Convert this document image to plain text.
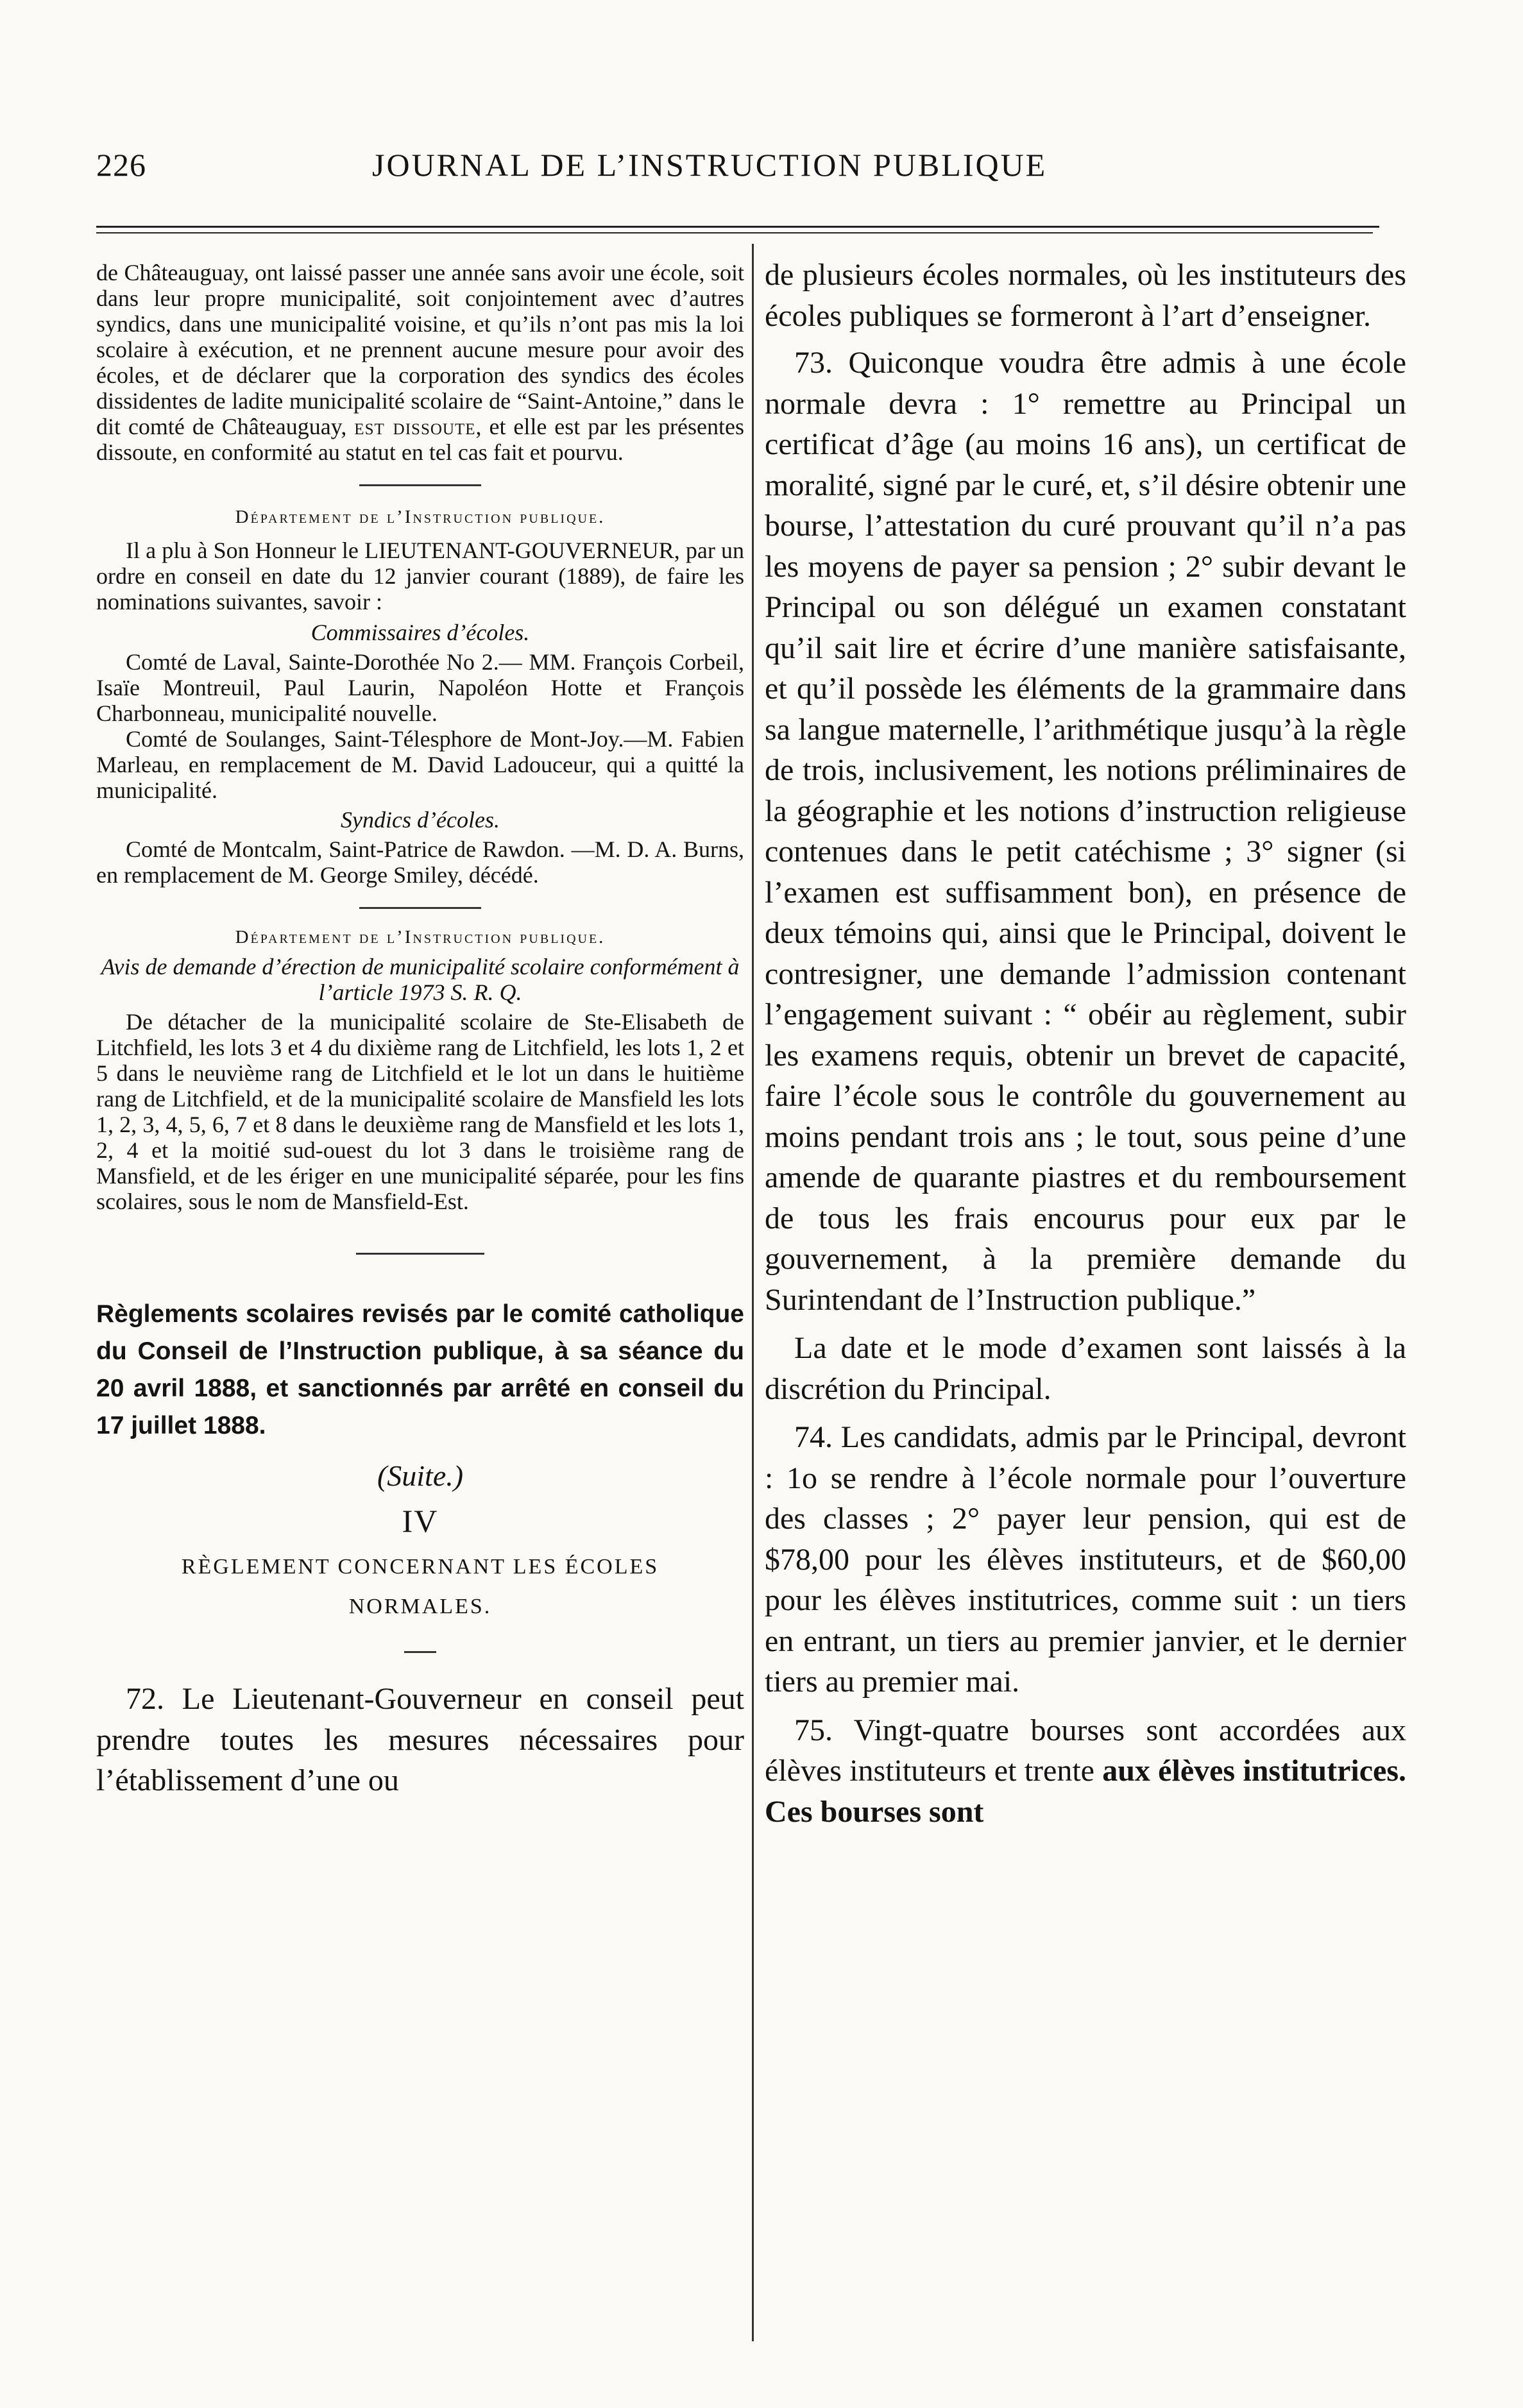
226	JOURNAL DE L’INSTRUCTION PUBLIQUE

de Châteauguay, ont laissé passer une année sans avoir une école, soit dans leur propre municipalité, soit conjointement avec d’autres syndics, dans une municipalité voisine, et qu’ils n’ont pas mis la loi scolaire à exécution, et ne prennent aucune mesure pour avoir des écoles, et de déclarer que la corporation des syndics des écoles dissidentes de ladite municipalité scolaire de “Saint-Antoine,” dans le dit comté de Châteauguay, est dissoute, et elle est par les présentes dissoute, en conformité au statut en tel cas fait et pourvu.

Département de l’Instruction publique.

Il a plu à Son Honneur le LIEUTENANT-GOUVERNEUR, par un ordre en conseil en date du 12 janvier courant (1889), de faire les nominations suivantes, savoir :

Commissaires d’écoles.

Comté de Laval, Sainte-Dorothée No 2.— MM. François Corbeil, Isaïe Montreuil, Paul Laurin, Napoléon Hotte et François Charbonneau, municipalité nouvelle.

Comté de Soulanges, Saint-Télesphore de Mont-Joy.—M. Fabien Marleau, en remplacement de M. David Ladouceur, qui a quitté la municipalité.

Syndics d’écoles.

Comté de Montcalm, Saint-Patrice de Rawdon. —M. D. A. Burns, en remplacement de M. George Smiley, décédé.

Département de l’Instruction publique.

Avis de demande d’érection de municipalité scolaire conformément à l’article 1973 S. R. Q.

De détacher de la municipalité scolaire de Ste-Elisabeth de Litchfield, les lots 3 et 4 du dixième rang de Litchfield, les lots 1, 2 et 5 dans le neuvième rang de Litchfield et le lot un dans le huitième rang de Litchfield, et de la municipalité scolaire de Mansfield les lots 1, 2, 3, 4, 5, 6, 7 et 8 dans le deuxième rang de Mansfield et les lots 1, 2, 4 et la moitié sud-ouest du lot 3 dans le troisième rang de Mansfield, et de les ériger en une municipalité séparée, pour les fins scolaires, sous le nom de Mansfield-Est.

Règlements scolaires revisés par le comité catholique du Conseil de l’Instruction publique, à sa séance du 20 avril 1888, et sanctionnés par arrêté en conseil du 17 juillet 1888.

(Suite.)

IV

RÈGLEMENT CONCERNANT LES ÉCOLES

NORMALES.

72. Le Lieutenant-Gouverneur en conseil peut prendre toutes les mesures nécessaires pour l’établissement d’une ou

de plusieurs écoles normales, où les instituteurs des écoles publiques se formeront à l’art d’enseigner.

73. Quiconque voudra être admis à une école normale devra : 1° remettre au Principal un certificat d’âge (au moins 16 ans), un certificat de moralité, signé par le curé, et, s’il désire obtenir une bourse, l’attestation du curé prouvant qu’il n’a pas les moyens de payer sa pension ; 2° subir devant le Principal ou son délégué un examen constatant qu’il sait lire et écrire d’une manière satisfaisante, et qu’il possède les éléments de la grammaire dans sa langue maternelle, l’arithmétique jusqu’à la règle de trois, inclusivement, les notions préliminaires de la géographie et les notions d’instruction religieuse contenues dans le petit catéchisme ; 3° signer (si l’examen est suffisamment bon), en présence de deux témoins qui, ainsi que le Principal, doivent le contresigner, une demande l’admission contenant l’engagement suivant : “ obéir au règlement, subir les examens requis, obtenir un brevet de capacité, faire l’école sous le contrôle du gouvernement au moins pendant trois ans ; le tout, sous peine d’une amende de quarante piastres et du remboursement de tous les frais encourus pour eux par le gouvernement, à la première demande du Surintendant de l’Instruction publique.”

La date et le mode d’examen sont laissés à la discrétion du Principal.

74. Les candidats, admis par le Principal, devront : 1o se rendre à l’école normale pour l’ouverture des classes ; 2° payer leur pension, qui est de $78,00 pour les élèves instituteurs, et de $60,00 pour les élèves institutrices, comme suit : un tiers en entrant, un tiers au premier janvier, et le dernier tiers au premier mai.

75. Vingt-quatre bourses sont accordées aux élèves instituteurs et trente aux élèves institutrices. Ces bourses sont
